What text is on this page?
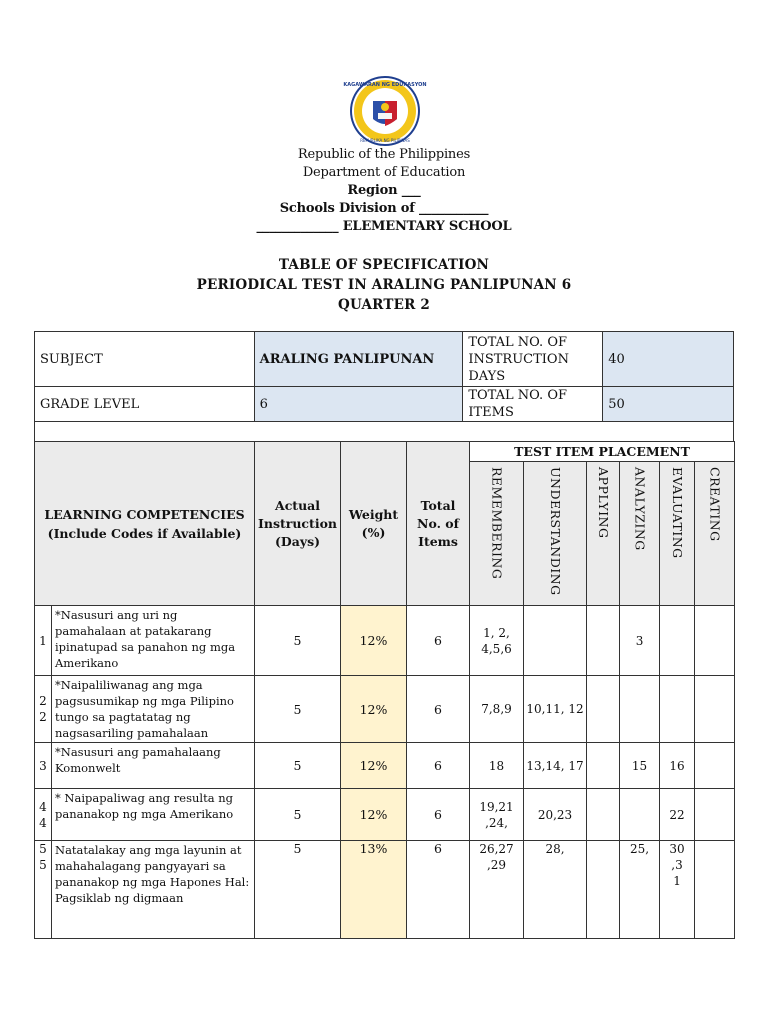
KAGAWARAN NG EDUKASYON
REPUBLIKA NG PILIPINAS
Republic of the Philippines
Department of Education
Region ___
Schools Division of ___________
_____________ ELEMENTARY SCHOOL
TABLE OF SPECIFICATION
PERIODICAL TEST IN ARALING PANLIPUNAN 6
QUARTER 2
SUBJECT	ARALING PANLIPUNAN	TOTAL NO. OF INSTRUCTION DAYS	40
GRADE LEVEL	6	TOTAL NO. OF ITEMS	50

LEARNING COMPETENCIES (Include Codes if Available)		Actual Instruction (Days)	Weight (%)	Total No. of Items	TEST ITEM PLACEMENT					
					REMEMBERING	UNDERSTANDING	APPLYING	ANALYZING	EVALUATING	CREATING
1	*Nasusuri ang uri ng pamahalaan at patakarang ipinatupad sa panahon ng mga Amerikano	5	12%	6	1, 2, 4,5,6			3		
2 2	*Naipaliliwanag ang mga pagsusumikap ng mga Pilipino tungo sa pagtatatag ng nagsasariling pamahalaan	5	12%	6	7,8,9	10,11, 12				
3	*Nasusuri ang pamahalaang Komonwelt	5	12%	6	18	13,14, 17		15	16	
4 4	* Naipapaliwag ang resulta ng pananakop ng mga Amerikano	5	12%	6	19,21 ,24,	20,23			22	
5 5	Natatalakay ang mga layunin at mahahalagang pangyayari sa pananakop ng mga Hapones Hal: Pagsiklab ng digmaan	5	13%	6	26,27 ,29	28,		25,	30 ,3 1	
